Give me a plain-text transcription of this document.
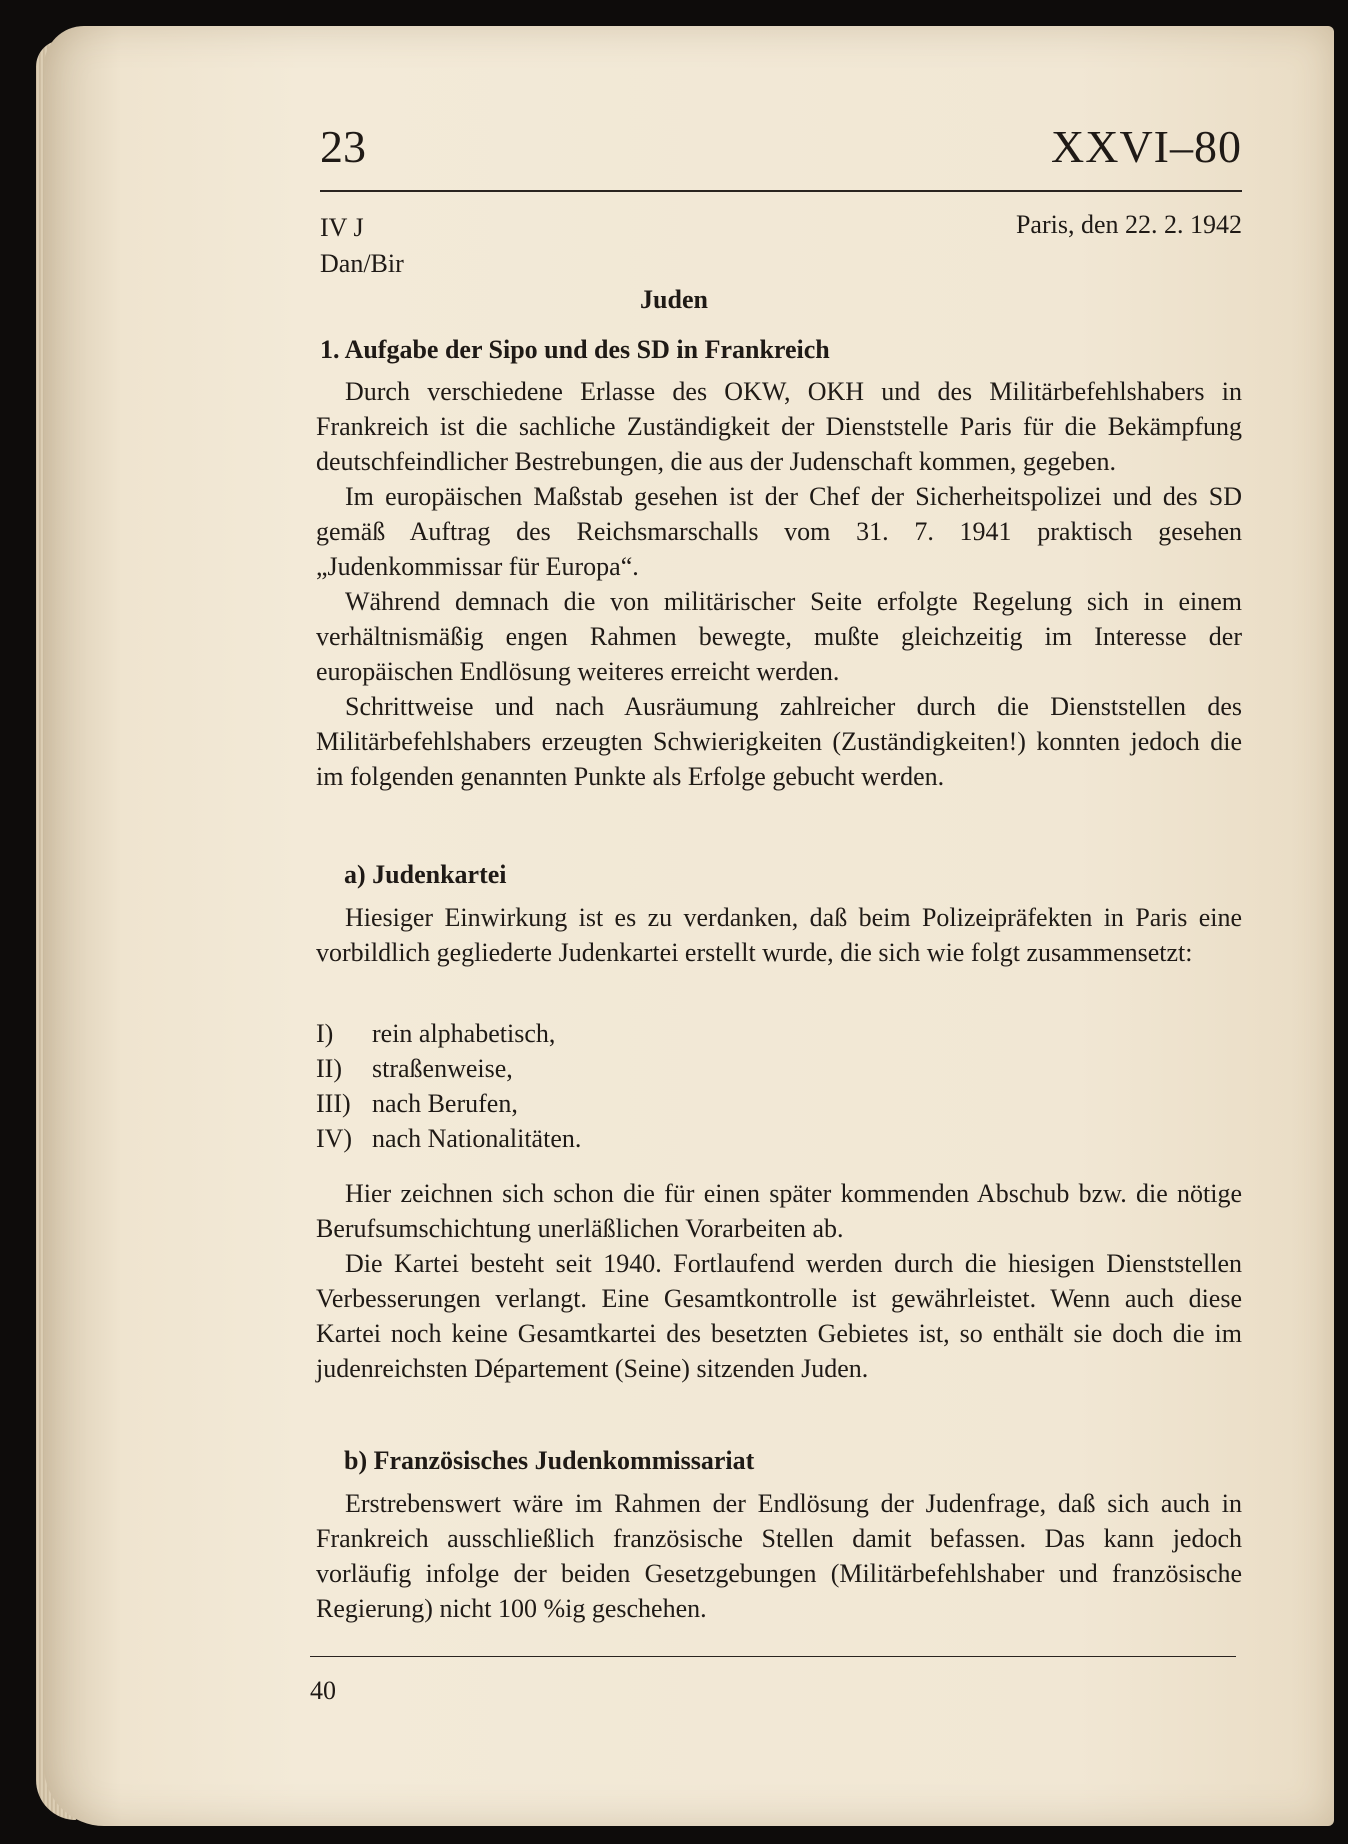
23	XXVI–80
IV J
Dan/Bir
Paris, den 22. 2. 1942
Juden
1. Aufgabe der Sipo und des SD in Frankreich

Durch verschiedene Erlasse des OKW, OKH und des Militärbefehlshabers in Frankreich ist die sachliche Zuständigkeit der Dienststelle Paris für die Bekämpfung deutschfeindlicher Bestrebungen, die aus der Judenschaft kommen, gegeben.

Im europäischen Maßstab gesehen ist der Chef der Sicherheitspolizei und des SD gemäß Auftrag des Reichsmarschalls vom 31. 7. 1941 praktisch gesehen „Judenkommissar für Europa“.

Während demnach die von militärischer Seite erfolgte Regelung sich in einem verhältnismäßig engen Rahmen bewegte, mußte gleichzeitig im Interesse der europäischen Endlösung weiteres erreicht werden.

Schrittweise und nach Ausräumung zahlreicher durch die Dienststellen des Militärbefehlshabers erzeugten Schwierigkeiten (Zuständigkeiten!) konnten jedoch die im folgenden genannten Punkte als Erfolge gebucht werden.

a) Judenkartei

Hiesiger Einwirkung ist es zu verdanken, daß beim Polizeipräfekten in Paris eine vorbildlich gegliederte Judenkartei erstellt wurde, die sich wie folgt zusammensetzt:

I)	rein alphabetisch,
II)	straßenweise,
III) nach Berufen,
IV) nach Nationalitäten.

Hier zeichnen sich schon die für einen später kommenden Abschub bzw. die nötige Berufsumschichtung unerläßlichen Vorarbeiten ab.

Die Kartei besteht seit 1940. Fortlaufend werden durch die hiesigen Dienststellen Verbesserungen verlangt. Eine Gesamtkontrolle ist gewährleistet. Wenn auch diese Kartei noch keine Gesamtkartei des besetzten Gebietes ist, so enthält sie doch die im judenreichsten Département (Seine) sitzenden Juden.

b) Französisches Judenkommissariat

Erstrebenswert wäre im Rahmen der Endlösung der Judenfrage, daß sich auch in Frankreich ausschließlich französische Stellen damit befassen. Das kann jedoch vorläufig infolge der beiden Gesetzgebungen (Militärbefehlshaber und französische Regierung) nicht 100 %ig geschehen.

40
